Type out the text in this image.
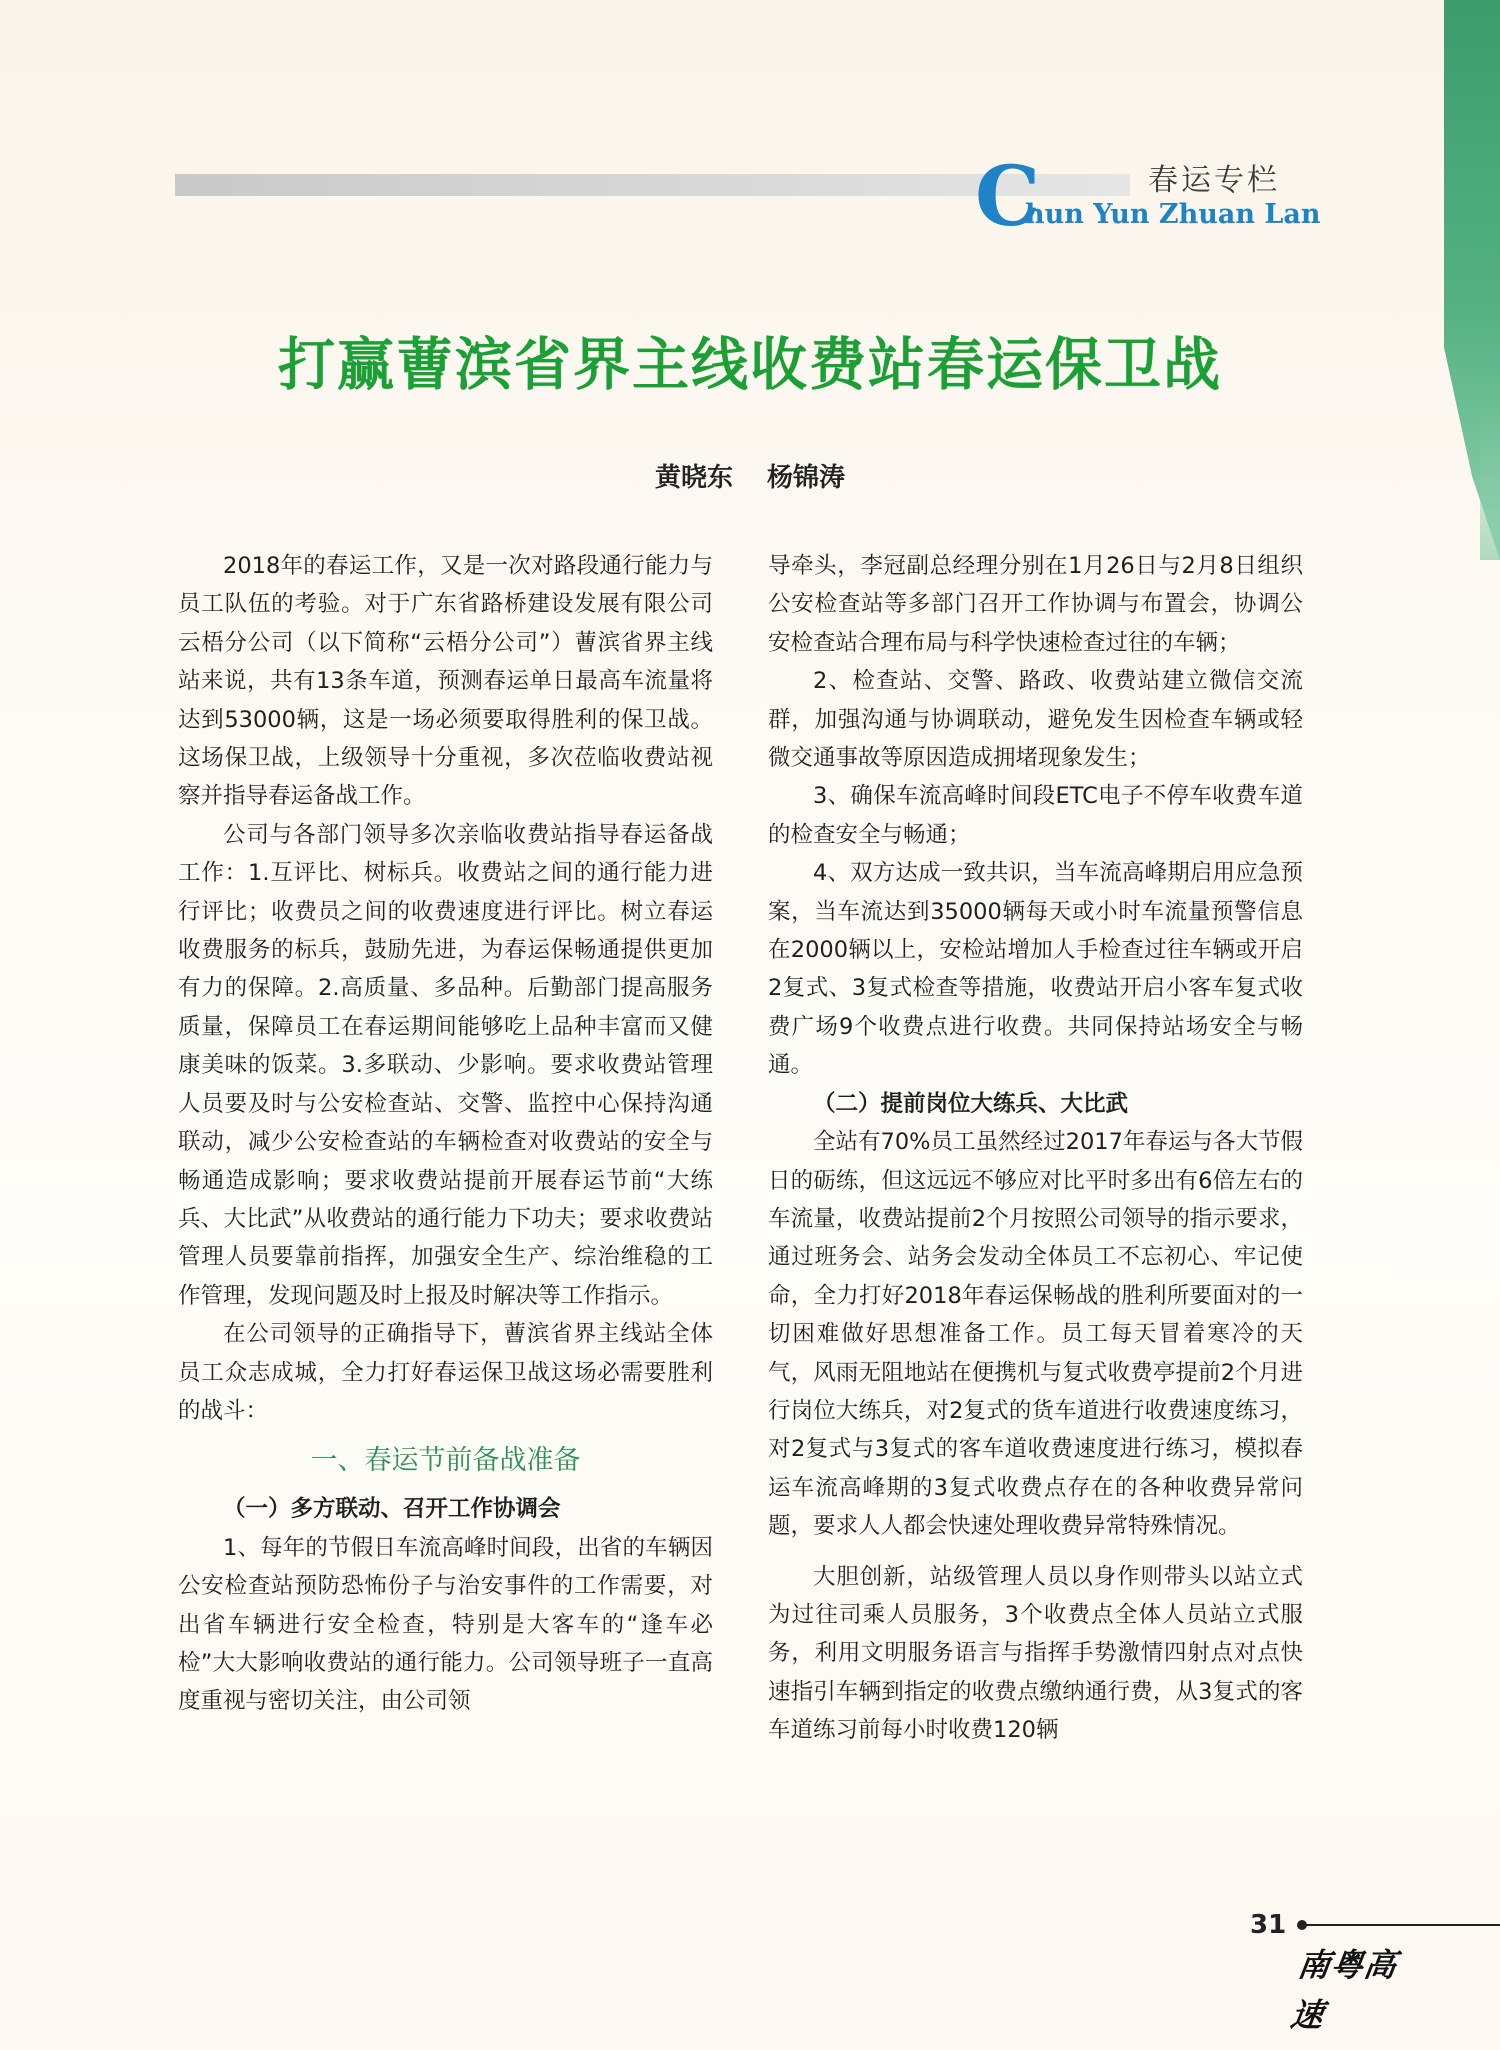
C	春运专栏
hun Yun Zhuan Lan
打赢蓸滨省界主线收费站春运保卫战
黄晓东 杨锦涛

2018年的春运工作，又是一次对路段通行能力与员工队伍的考验。对于广东省路桥建设发展有限公司云梧分公司（以下简称“云梧分公司”）蓸滨省界主线站来说，共有13条车道，预测春运单日最高车流量将达到53000辆，这是一场必须要取得胜利的保卫战。这场保卫战，上级领导十分重视，多次莅临收费站视察并指导春运备战工作。

公司与各部门领导多次亲临收费站指导春运备战工作：1.互评比、树标兵。收费站之间的通行能力进行评比；收费员之间的收费速度进行评比。树立春运收费服务的标兵，鼓励先进，为春运保畅通提供更加有力的保障。2.高质量、多品种。后勤部门提高服务质量，保障员工在春运期间能够吃上品种丰富而又健康美味的饭菜。3.多联动、少影响。要求收费站管理人员要及时与公安检查站、交警、监控中心保持沟通联动，减少公安检查站的车辆检查对收费站的安全与畅通造成影响；要求收费站提前开展春运节前“大练兵、大比武”从收费站的通行能力下功夫；要求收费站管理人员要靠前指挥，加强安全生产、综治维稳的工作管理，发现问题及时上报及时解决等工作指示。

在公司领导的正确指导下，蓸滨省界主线站全体员工众志成城，全力打好春运保卫战这场必需要胜利的战斗：

一、春运节前备战准备
（一）多方联动、召开工作协调会

1、每年的节假日车流高峰时间段，出省的车辆因公安检查站预防恐怖份子与治安事件的工作需要，对出省车辆进行安全检查，特别是大客车的“逢车必检”大大影响收费站的通行能力。公司领导班子一直高度重视与密切关注，由公司领

导牵头，李冠副总经理分别在1月26日与2月8日组织公安检查站等多部门召开工作协调与布置会，协调公安检查站合理布局与科学快速检查过往的车辆；

2、检查站、交警、路政、收费站建立微信交流群，加强沟通与协调联动，避免发生因检查车辆或轻微交通事故等原因造成拥堵现象发生；

3、确保车流高峰时间段ETC电子不停车收费车道的检查安全与畅通；

4、双方达成一致共识，当车流高峰期启用应急预案，当车流达到35000辆每天或小时车流量预警信息在2000辆以上，安检站增加人手检查过往车辆或开启2复式、3复式检查等措施，收费站开启小客车复式收费广场9个收费点进行收费。共同保持站场安全与畅通。

（二）提前岗位大练兵、大比武

全站有70%员工虽然经过2017年春运与各大节假日的砺练，但这远远不够应对比平时多出有6倍左右的车流量，收费站提前2个月按照公司领导的指示要求，通过班务会、站务会发动全体员工不忘初心、牢记使命，全力打好2018年春运保畅战的胜利所要面对的一切困难做好思想准备工作。员工每天冒着寒冷的天气，风雨无阻地站在便携机与复式收费亭提前2个月进行岗位大练兵，对2复式的货车道进行收费速度练习，对2复式与3复式的客车道收费速度进行练习，模拟春运车流高峰期的3复式收费点存在的各种收费异常问题，要求人人都会快速处理收费异常特殊情况。

大胆创新，站级管理人员以身作则带头以站立式为过往司乘人员服务，3个收费点全体人员站立式服务，利用文明服务语言与指挥手势激情四射点对点快速指引车辆到指定的收费点缴纳通行费，从3复式的客车道练习前每小时收费120辆

31
南粤高速
